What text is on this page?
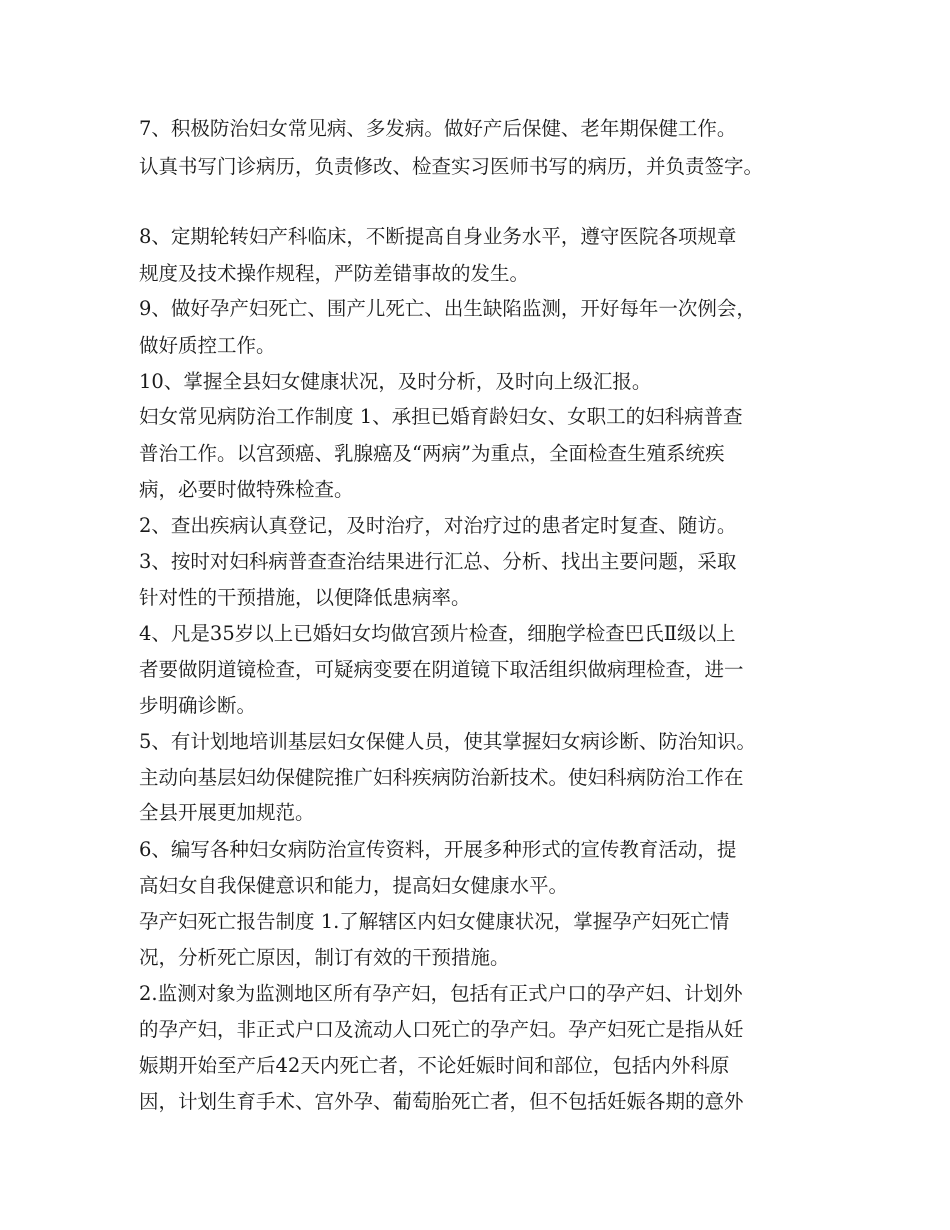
7、积极防治妇女常见病、多发病。做好产后保健、老年期保健工作。
认真书写门诊病历，负责修改、检查实习医师书写的病历，并负责签字。
8、定期轮转妇产科临床，不断提高自身业务水平，遵守医院各项规章
规度及技术操作规程，严防差错事故的发生。
9、做好孕产妇死亡、围产儿死亡、出生缺陷监测，开好每年一次例会，
做好质控工作。
10、掌握全县妇女健康状况，及时分析，及时向上级汇报。
妇女常见病防治工作制度 1、承担已婚育龄妇女、女职工的妇科病普查
普治工作。以宫颈癌、乳腺癌及“两病”为重点，全面检查生殖系统疾
病，必要时做特殊检查。
2、查出疾病认真登记，及时治疗，对治疗过的患者定时复查、随访。
3、按时对妇科病普查查治结果进行汇总、分析、找出主要问题，采取
针对性的干预措施，以便降低患病率。
4、凡是35岁以上已婚妇女均做宫颈片检查，细胞学检查巴氏Ⅱ级以上
者要做阴道镜检查，可疑病变要在阴道镜下取活组织做病理检查，进一
步明确诊断。
5、有计划地培训基层妇女保健人员，使其掌握妇女病诊断、防治知识。
主动向基层妇幼保健院推广妇科疾病防治新技术。使妇科病防治工作在
全县开展更加规范。
6、编写各种妇女病防治宣传资料，开展多种形式的宣传教育活动，提
高妇女自我保健意识和能力，提高妇女健康水平。
孕产妇死亡报告制度 1.了解辖区内妇女健康状况，掌握孕产妇死亡情
况，分析死亡原因，制订有效的干预措施。
2.监测对象为监测地区所有孕产妇，包括有正式户口的孕产妇、计划外
的孕产妇，非正式户口及流动人口死亡的孕产妇。孕产妇死亡是指从妊
娠期开始至产后42天内死亡者，不论妊娠时间和部位，包括内外科原
因，计划生育手术、宫外孕、葡萄胎死亡者，但不包括妊娠各期的意外
